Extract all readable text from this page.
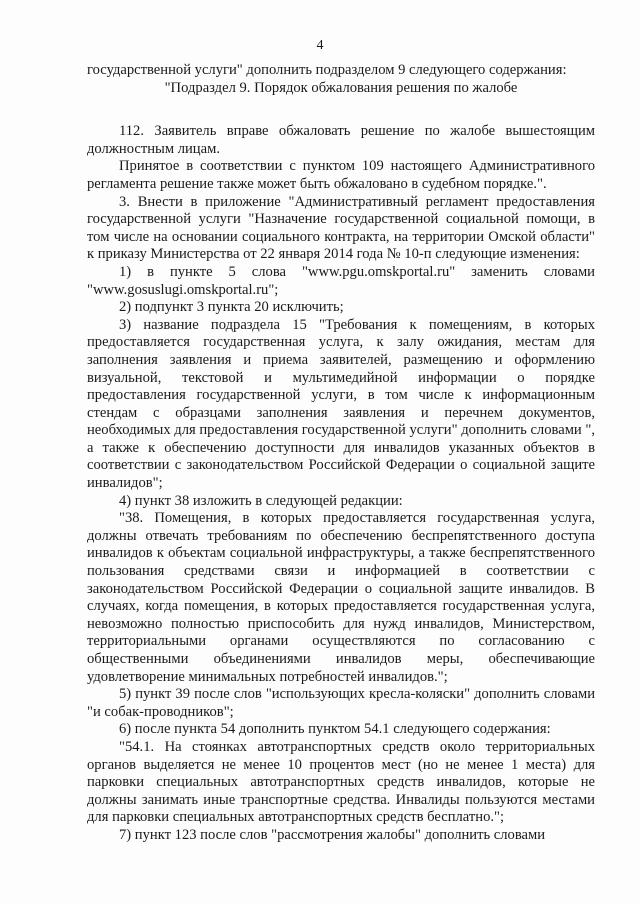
4

государственной услуги" дополнить подразделом 9 следующего содержания:

"Подраздел 9. Порядок обжалования решения по жалобе

112. Заявитель вправе обжаловать решение по жалобе вышестоящим должностным лицам.

Принятое в соответствии с пунктом 109 настоящего Административного регламента решение также может быть обжаловано в судебном порядке.".

3. Внести в приложение "Административный регламент предоставления государственной услуги "Назначение государственной социальной помощи, в том числе на основании социального контракта, на территории Омской области" к приказу Министерства от 22 января 2014 года № 10-п следующие изменения:

1) в пункте 5 слова "www.pgu.omskportal.ru" заменить словами "www.gosuslugi.omskportal.ru";

2) подпункт 3 пункта 20 исключить;

3) название подраздела 15 "Требования к помещениям, в которых предоставляется государственная услуга, к залу ожидания, местам для заполнения заявления и приема заявителей, размещению и оформлению визуальной, текстовой и мультимедийной информации о порядке предоставления государственной услуги, в том числе к информационным стендам с образцами заполнения заявления и перечнем документов, необходимых для предоставления государственной услуги" дополнить словами ", а также к обеспечению доступности для инвалидов указанных объектов в соответствии с законодательством Российской Федерации о социальной защите инвалидов";

4) пункт 38 изложить в следующей редакции:

"38. Помещения, в которых предоставляется государственная услуга, должны отвечать требованиям по обеспечению беспрепятственного доступа инвалидов к объектам социальной инфраструктуры, а также беспрепятственного пользования средствами связи и информацией в соответствии с законодательством Российской Федерации о социальной защите инвалидов. В случаях, когда помещения, в которых предоставляется государственная услуга, невозможно полностью приспособить для нужд инвалидов, Министерством, территориальными органами осуществляются по согласованию с общественными объединениями инвалидов меры, обеспечивающие удовлетворение минимальных потребностей инвалидов.";

5) пункт 39 после слов "использующих кресла-коляски" дополнить словами "и собак-проводников";

6) после пункта 54 дополнить пунктом 54.1 следующего содержания:

"54.1. На стоянках автотранспортных средств около территориальных органов выделяется не менее 10 процентов мест (но не менее 1 места) для парковки специальных автотранспортных средств инвалидов, которые не должны занимать иные транспортные средства. Инвалиды пользуются местами для парковки специальных автотранспортных средств бесплатно.";

7) пункт 123 после слов "рассмотрения жалобы" дополнить словами
